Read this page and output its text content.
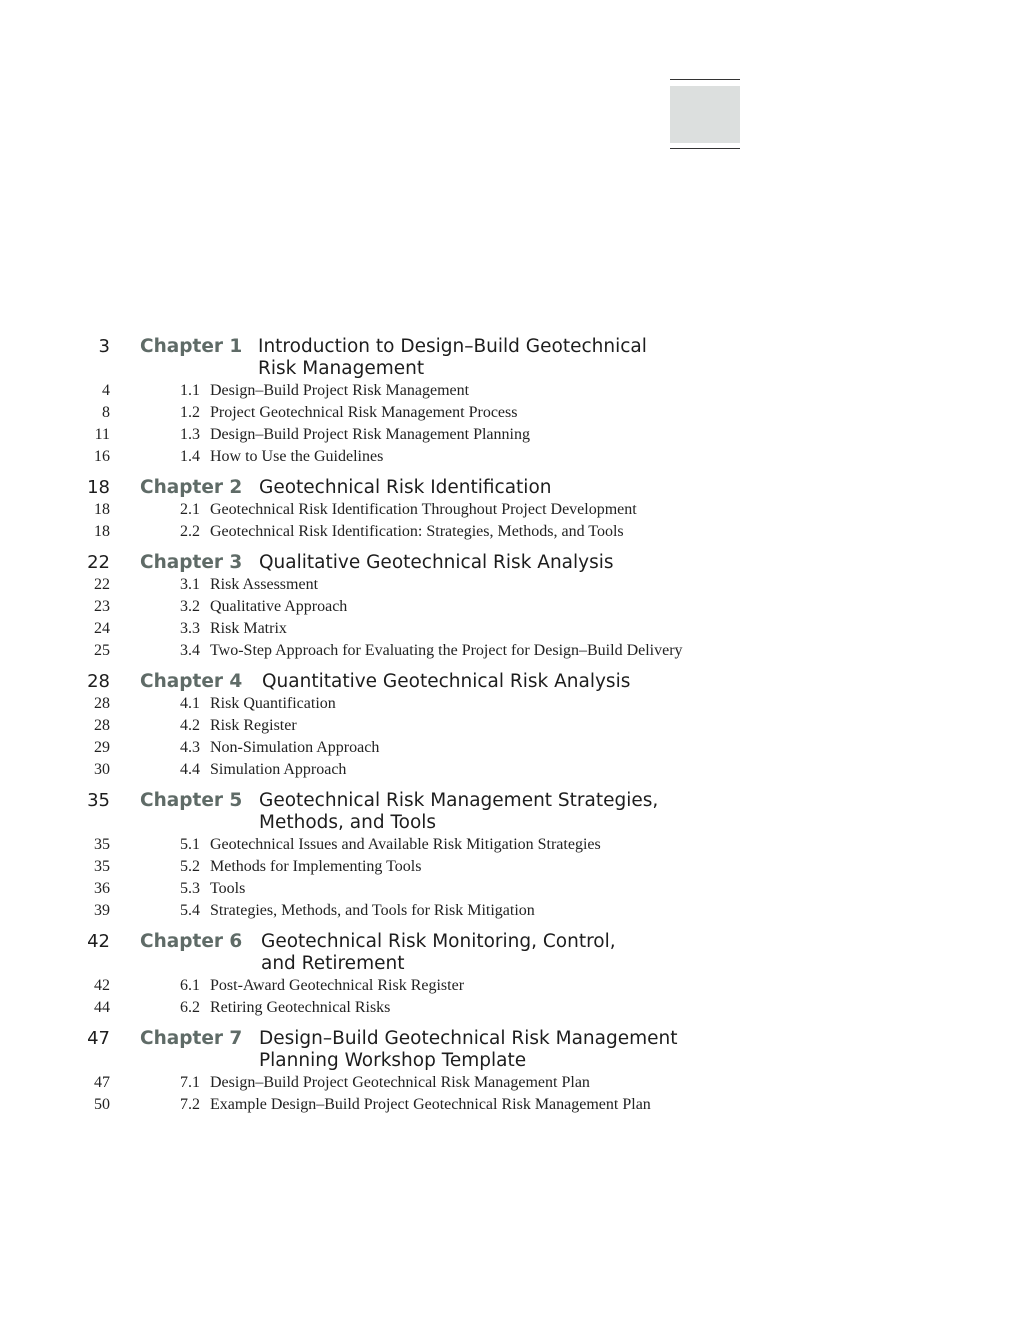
3 Chapter 1 Introduction to Design–Build Geotechnical
Risk Management
4	1.1 Design–Build Project Risk Management
8	1.2 Project Geotechnical Risk Management Process
11	1.3 Design–Build Project Risk Management Planning
16	1.4 How to Use the Guidelines
18 Chapter 2 Geotechnical Risk Identification
18	2.1 Geotechnical Risk Identification Throughout Project Development
18	2.2 Geotechnical Risk Identification: Strategies, Methods, and Tools
22 Chapter 3 Qualitative Geotechnical Risk Analysis
22	3.1 Risk Assessment
23	3.2 Qualitative Approach
24	3.3 Risk Matrix
25	3.4 Two-Step Approach for Evaluating the Project for Design–Build Delivery
28 Chapter 4 Quantitative Geotechnical Risk Analysis
28	4.1 Risk Quantification
28	4.2 Risk Register
29	4.3 Non-Simulation Approach
30	4.4 Simulation Approach
35 Chapter 5 Geotechnical Risk Management Strategies,
Methods, and Tools
35	5.1 Geotechnical Issues and Available Risk Mitigation Strategies
35	5.2 Methods for Implementing Tools
36	5.3 Tools
39	5.4 Strategies, Methods, and Tools for Risk Mitigation
42 Chapter 6 Geotechnical Risk Monitoring, Control,
and Retirement
42	6.1 Post-Award Geotechnical Risk Register
44	6.2 Retiring Geotechnical Risks
47 Chapter 7 Design–Build Geotechnical Risk Management
Planning Workshop Template
47	7.1 Design–Build Project Geotechnical Risk Management Plan
50	7.2 Example Design–Build Project Geotechnical Risk Management Plan
